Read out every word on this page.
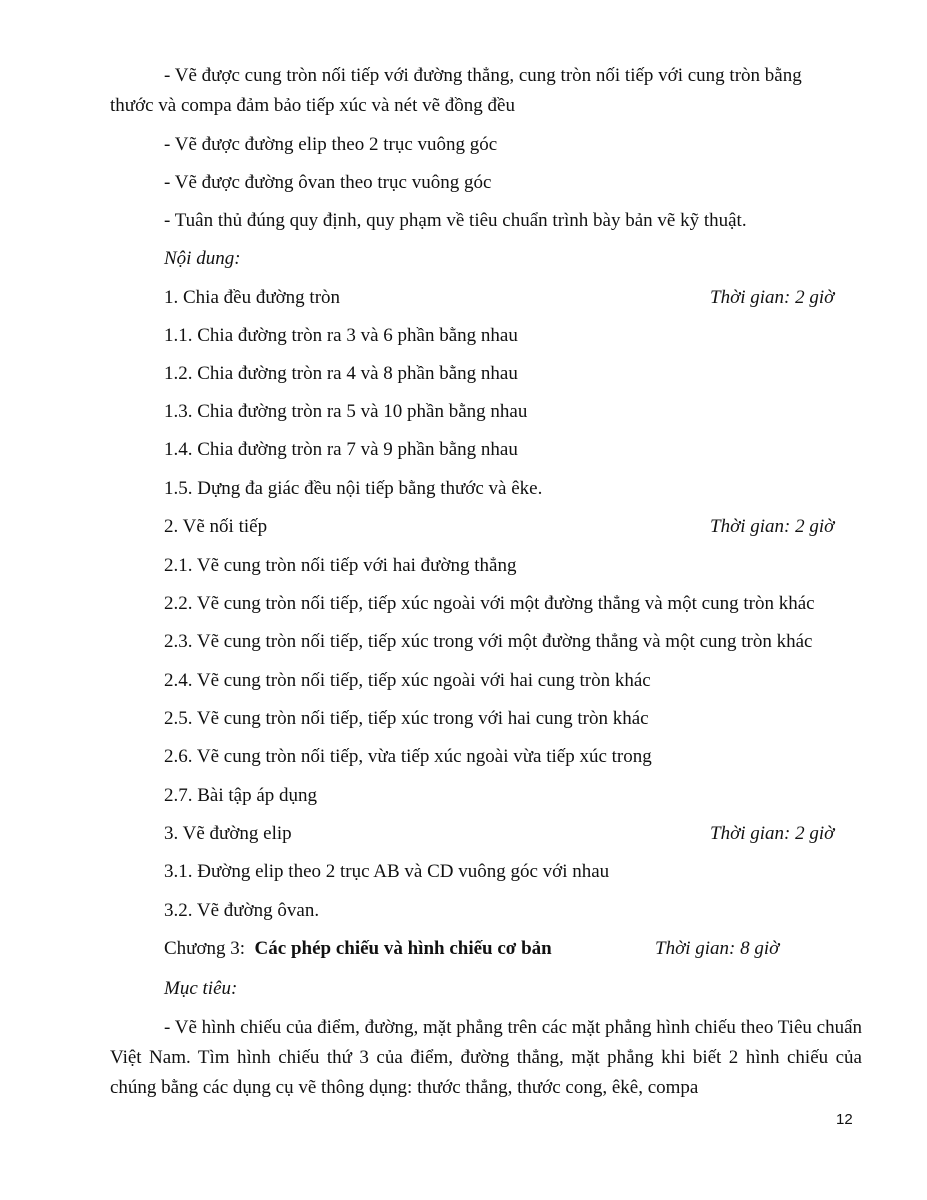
- Vẽ được cung tròn nối tiếp với đường thẳng, cung tròn nối tiếp với cung tròn bằng
thước và compa đảm bảo tiếp xúc và nét vẽ đồng đều
- Vẽ được đường elip theo 2 trục vuông góc
- Vẽ được đường ôvan theo trục vuông góc
- Tuân thủ đúng quy định, quy phạm về tiêu chuẩn trình bày bản vẽ kỹ thuật.
Nội dung:
1. Chia đều đường tròn	Thời gian: 2 giờ
1.1. Chia đường tròn ra 3 và 6 phần bằng nhau
1.2. Chia đường tròn ra 4 và 8 phần bằng nhau
1.3. Chia đường tròn ra 5 và 10 phần bằng nhau
1.4. Chia đường tròn ra 7 và 9 phần bằng nhau
1.5. Dựng đa giác đều nội tiếp bằng thước và êke.
2. Vẽ nối tiếp	Thời gian: 2 giờ
2.1. Vẽ cung tròn nối tiếp với hai đường thẳng
2.2. Vẽ cung tròn nối tiếp, tiếp xúc ngoài với một đường thẳng và một cung tròn khác
2.3. Vẽ cung tròn nối tiếp, tiếp xúc trong với một đường thẳng và một cung tròn khác
2.4. Vẽ cung tròn nối tiếp, tiếp xúc ngoài với hai cung tròn khác
2.5. Vẽ cung tròn nối tiếp, tiếp xúc trong với hai cung tròn khác
2.6. Vẽ cung tròn nối tiếp, vừa tiếp xúc ngoài vừa tiếp xúc trong
2.7. Bài tập áp dụng
3. Vẽ đường elip	Thời gian: 2 giờ
3.1. Đường elip theo 2 trục AB và CD vuông góc với nhau
3.2. Vẽ đường ôvan.
Chương 3: Các phép chiếu và hình chiếu cơ bản	Thời gian: 8 giờ
Mục tiêu:
- Vẽ hình chiếu của điểm, đường, mặt phẳng trên các mặt phẳng hình chiếu theo Tiêu chuẩn Việt Nam. Tìm hình chiếu thứ 3 của điểm, đường thẳng, mặt phẳng khi biết 2 hình chiếu của chúng bằng các dụng cụ vẽ thông dụng: thước thẳng, thước cong, êkê, compa
12
